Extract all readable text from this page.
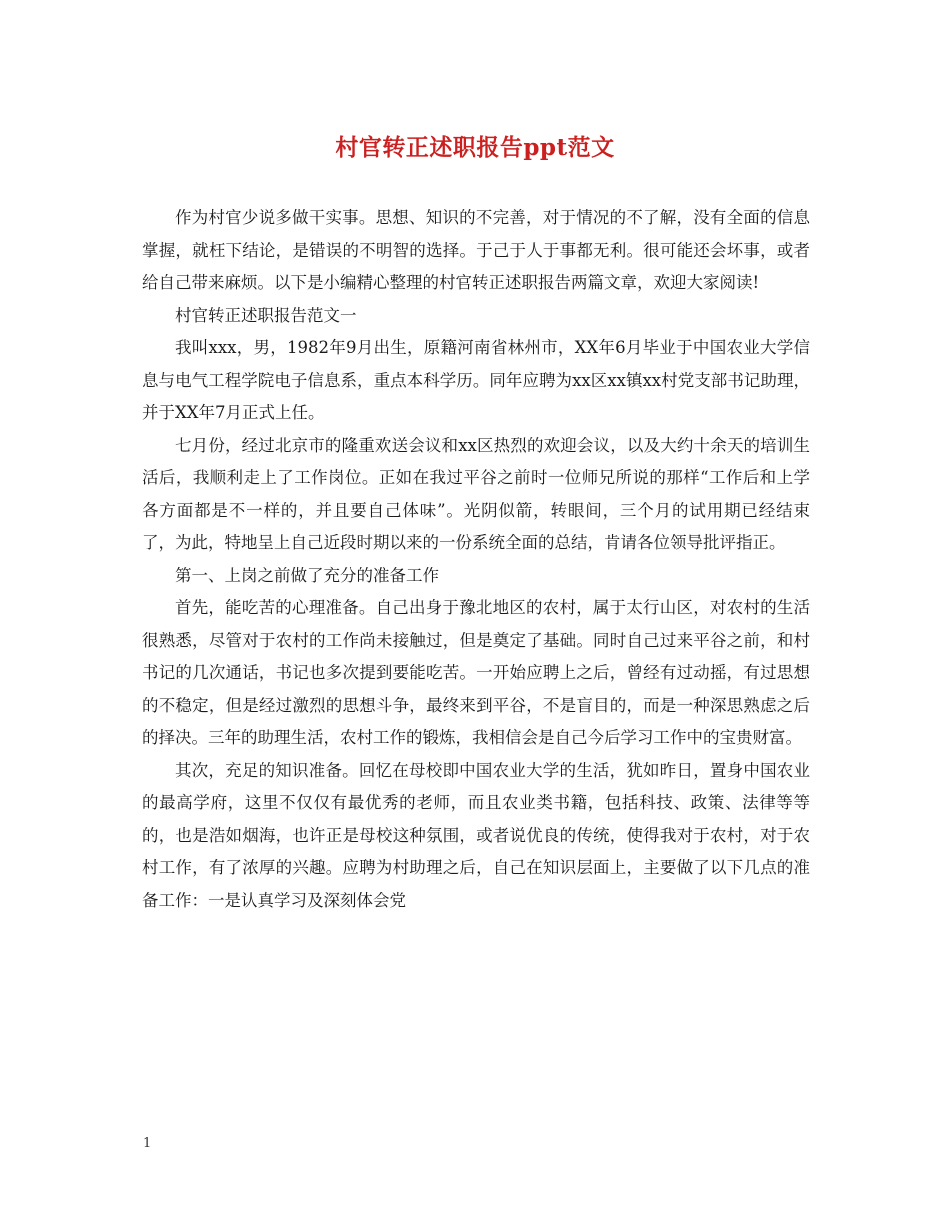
村官转正述职报告ppt范文

作为村官少说多做干实事。思想、知识的不完善，对于情况的不了解，没有全面的信息掌握，就枉下结论，是错误的不明智的选择。于己于人于事都无利。很可能还会坏事，或者给自己带来麻烦。以下是小编精心整理的村官转正述职报告两篇文章，欢迎大家阅读!

村官转正述职报告范文一

我叫xxx，男，1982年9月出生，原籍河南省林州市，XX年6月毕业于中国农业大学信息与电气工程学院电子信息系，重点本科学历。同年应聘为xx区xx镇xx村党支部书记助理，并于XX年7月正式上任。

七月份，经过北京市的隆重欢送会议和xx区热烈的欢迎会议，以及大约十余天的培训生活后，我顺利走上了工作岗位。正如在我过平谷之前时一位师兄所说的那样“工作后和上学各方面都是不一样的，并且要自己体味”。光阴似箭，转眼间，三个月的试用期已经结束了，为此，特地呈上自己近段时期以来的一份系统全面的总结，肯请各位领导批评指正。

第一、上岗之前做了充分的准备工作

首先，能吃苦的心理准备。自己出身于豫北地区的农村，属于太行山区，对农村的生活很熟悉，尽管对于农村的工作尚未接触过，但是奠定了基础。同时自己过来平谷之前，和村书记的几次通话，书记也多次提到要能吃苦。一开始应聘上之后，曾经有过动摇，有过思想的不稳定，但是经过激烈的思想斗争，最终来到平谷，不是盲目的，而是一种深思熟虑之后的择决。三年的助理生活，农村工作的锻炼，我相信会是自己今后学习工作中的宝贵财富。

其次，充足的知识准备。回忆在母校即中国农业大学的生活，犹如昨日，置身中国农业的最高学府，这里不仅仅有最优秀的老师，而且农业类书籍，包括科技、政策、法律等等的，也是浩如烟海，也许正是母校这种氛围，或者说优良的传统，使得我对于农村，对于农村工作，有了浓厚的兴趣。应聘为村助理之后，自己在知识层面上，主要做了以下几点的准备工作：一是认真学习及深刻体会党

1
